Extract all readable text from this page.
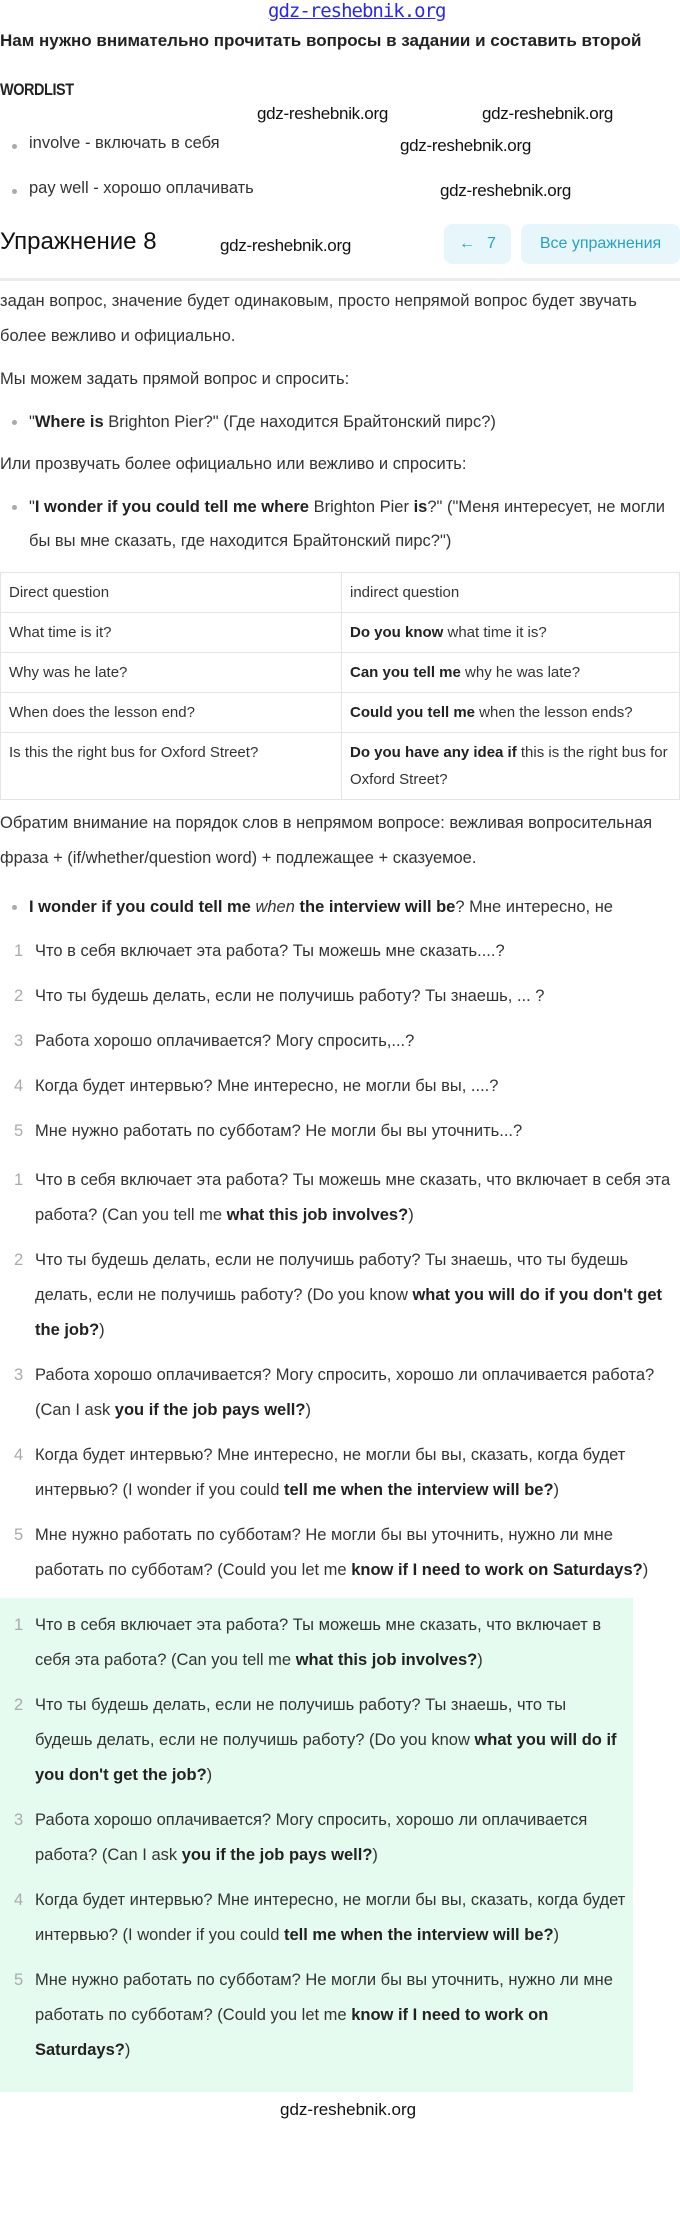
gdz-reshebnik.org
Нам нужно внимательно прочитать вопросы в задании и составить второй
WORDLIST
involve - включать в себя
pay well - хорошо оплачивать
Упражнение 8	← 7	Все упражнения
gdz-reshebnik.org	gdz-reshebnik.org
gdz-reshebnik.org
gdz-reshebnik.org
gdz-reshebnik.org
задан вопрос, значение будет одинаковым, просто непрямой вопрос будет звучать более вежливо и официально.
Мы можем задать прямой вопрос и спросить:
"Where is Brighton Pier?" (Где находится Брайтонский пирс?)
Или прозвучать более официально или вежливо и спросить:
"I wonder if you could tell me where Brighton Pier is?" ("Меня интересует, не могли бы вы мне сказать, где находится Брайтонский пирс?")
Direct question	indirect question
What time is it?	Do you know what time it is?
Why was he late?	Can you tell me why he was late?
When does the lesson end?	Could you tell me when the lesson ends?
Is this the right bus for Oxford Street?	Do you have any idea if this is the right bus for Oxford Street?
Обратим внимание на порядок слов в непрямом вопросе: вежливая вопросительная фраза + (if/whether/question word) + подлежащее + сказуемое.
I wonder if you could tell me when the interview will be? Мне интересно, не
1 Что в себя включает эта работа? Ты можешь мне сказать....?
2 Что ты будешь делать, если не получишь работу? Ты знаешь, ... ?
3 Работа хорошо оплачивается? Могу спросить,...?
4 Когда будет интервью? Мне интересно, не могли бы вы, ....?
5 Мне нужно работать по субботам? Не могли бы вы уточнить...?
1 Что в себя включает эта работа? Ты можешь мне сказать, что включает в себя эта работа? (Can you tell me what this job involves?)
2 Что ты будешь делать, если не получишь работу? Ты знаешь, что ты будешь делать, если не получишь работу? (Do you know what you will do if you don't get the job?)
3 Работа хорошо оплачивается? Могу спросить, хорошо ли оплачивается работа? (Can I ask you if the job pays well?)
4 Когда будет интервью? Мне интересно, не могли бы вы, сказать, когда будет интервью? (I wonder if you could tell me when the interview will be?)
5 Мне нужно работать по субботам? Не могли бы вы уточнить, нужно ли мне работать по субботам? (Could you let me know if I need to work on Saturdays?)
1 Что в себя включает эта работа? Ты можешь мне сказать, что включает в себя эта работа? (Can you tell me what this job involves?)
2 Что ты будешь делать, если не получишь работу? Ты знаешь, что ты будешь делать, если не получишь работу? (Do you know what you will do if you don't get the job?)
3 Работа хорошо оплачивается? Могу спросить, хорошо ли оплачивается работа? (Can I ask you if the job pays well?)
4 Когда будет интервью? Мне интересно, не могли бы вы, сказать, когда будет интервью? (I wonder if you could tell me when the interview will be?)
5 Мне нужно работать по субботам? Не могли бы вы уточнить, нужно ли мне работать по субботам? (Could you let me know if I need to work on Saturdays?)
gdz-reshebnik.org
